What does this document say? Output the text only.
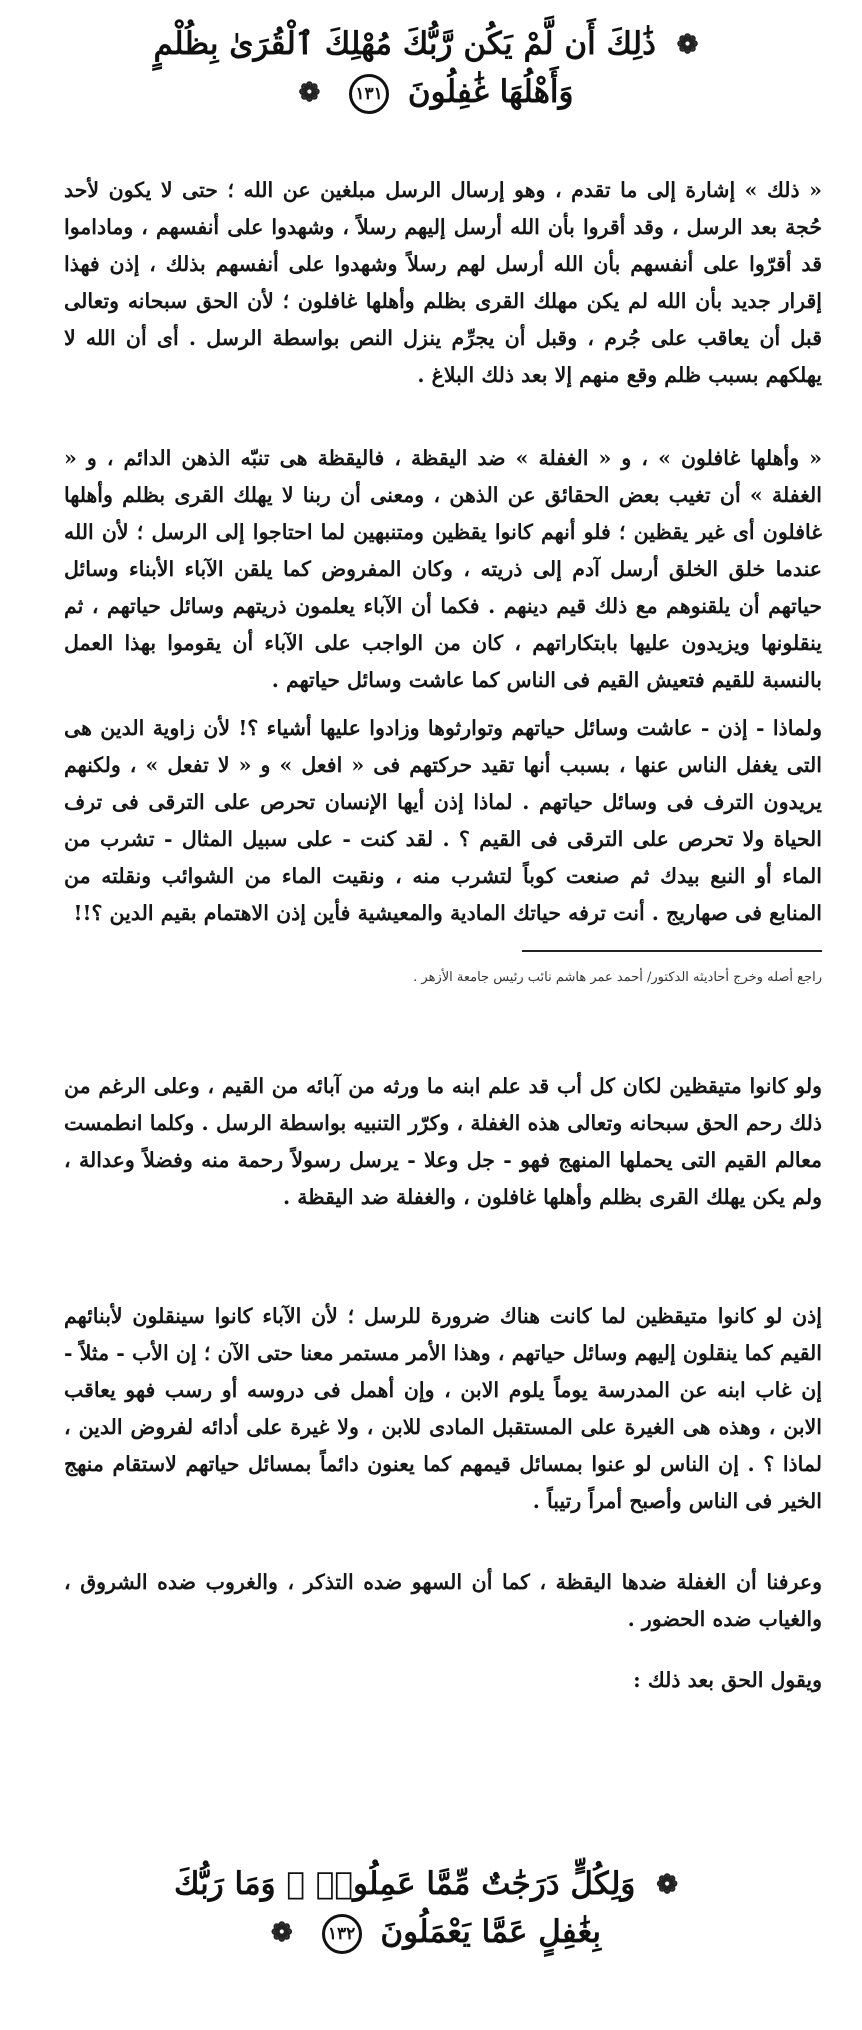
❁ ذَٰلِكَ أَن لَّمْ يَكُن رَّبُّكَ مُهْلِكَ ٱلْقُرَىٰ بِظُلْمٍ
وَأَهْلُهَا غَٰفِلُونَ ١٣١ ❁

« ذلك » إشارة إلى ما تقدم ، وهو إرسال الرسل مبلغين عن الله ؛ حتى لا يكون لأحد حُجة بعد الرسل ، وقد أقروا بأن الله أرسل إليهم رسلاً ، وشهدوا على أنفسهم ، وماداموا قد أقرّوا على أنفسهم بأن الله أرسل لهم رسلاً وشهدوا على أنفسهم بذلك ، إذن فهذا إقرار جديد بأن الله لم يكن مهلك القرى بظلم وأهلها غافلون ؛ لأن الحق سبحانه وتعالى قبل أن يعاقب على جُرم ، وقبل أن يجرِّم ينزل النص بواسطة الرسل . أى أن الله لا يهلكهم بسبب ظلم وقع منهم إلا بعد ذلك البلاغ .

« وأهلها غافلون » ، و « الغفلة » ضد اليقظة ، فاليقظة هى تنبّه الذهن الدائم ، و « الغفلة » أن تغيب بعض الحقائق عن الذهن ، ومعنى أن ربنا لا يهلك القرى بظلم وأهلها غافلون أى غير يقظين ؛ فلو أنهم كانوا يقظين ومتنبهين لما احتاجوا إلى الرسل ؛ لأن الله عندما خلق الخلق أرسل آدم إلى ذريته ، وكان المفروض كما يلقن الآباء الأبناء وسائل حياتهم أن يلقنوهم مع ذلك قيم دينهم . فكما أن الآباء يعلمون ذريتهم وسائل حياتهم ، ثم ينقلونها ويزيدون عليها بابتكاراتهم ، كان من الواجب على الآباء أن يقوموا بهذا العمل بالنسبة للقيم فتعيش القيم فى الناس كما عاشت وسائل حياتهم .

ولماذا - إذن - عاشت وسائل حياتهم وتوارثوها وزادوا عليها أشياء ؟! لأن زاوية الدين هى التى يغفل الناس عنها ، بسبب أنها تقيد حركتهم فى « افعل » و « لا تفعل » ، ولكنهم يريدون الترف فى وسائل حياتهم . لماذا إذن أيها الإنسان تحرص على الترقى فى ترف الحياة ولا تحرص على الترقى فى القيم ؟ . لقد كنت - على سبيل المثال - تشرب من الماء أو النبع بيدك ثم صنعت كوباً لتشرب منه ، ونقيت الماء من الشوائب ونقلته من المنابع فى صهاريج . أنت ترفه حياتك المادية والمعيشية فأين إذن الاهتمام بقيم الدين ؟!!

راجع أصله وخرج أحاديثه الدكتور/ أحمد عمر هاشم نائب رئيس جامعة الأزهر .

ولو كانوا متيقظين لكان كل أب قد علم ابنه ما ورثه من آبائه من القيم ، وعلى الرغم من ذلك رحم الحق سبحانه وتعالى هذه الغفلة ، وكرّر التنبيه بواسطة الرسل . وكلما انطمست معالم القيم التى يحملها المنهج فهو - جل وعلا - يرسل رسولاً رحمة منه وفضلاً وعدالة ، ولم يكن يهلك القرى بظلم وأهلها غافلون ، والغفلة ضد اليقظة .

إذن لو كانوا متيقظين لما كانت هناك ضرورة للرسل ؛ لأن الآباء كانوا سينقلون لأبنائهم القيم كما ينقلون إليهم وسائل حياتهم ، وهذا الأمر مستمر معنا حتى الآن ؛ إن الأب - مثلاً - إن غاب ابنه عن المدرسة يوماً يلوم الابن ، وإن أهمل فى دروسه أو رسب فهو يعاقب الابن ، وهذه هى الغيرة على المستقبل المادى للابن ، ولا غيرة على أدائه لفروض الدين ، لماذا ؟ . إن الناس لو عنوا بمسائل قيمهم كما يعنون دائماً بمسائل حياتهم لاستقام منهج الخير فى الناس وأصبح أمراً رتيباً .

وعرفنا أن الغفلة ضدها اليقظة ، كما أن السهو ضده التذكر ، والغروب ضده الشروق ، والغياب ضده الحضور .

ويقول الحق بعد ذلك :

❁ وَلِكُلٍّ دَرَجَٰتٌ مِّمَّا عَمِلُوا۟ ۚ وَمَا رَبُّكَ
بِغَٰفِلٍ عَمَّا يَعْمَلُونَ ١٣٢ ❁
